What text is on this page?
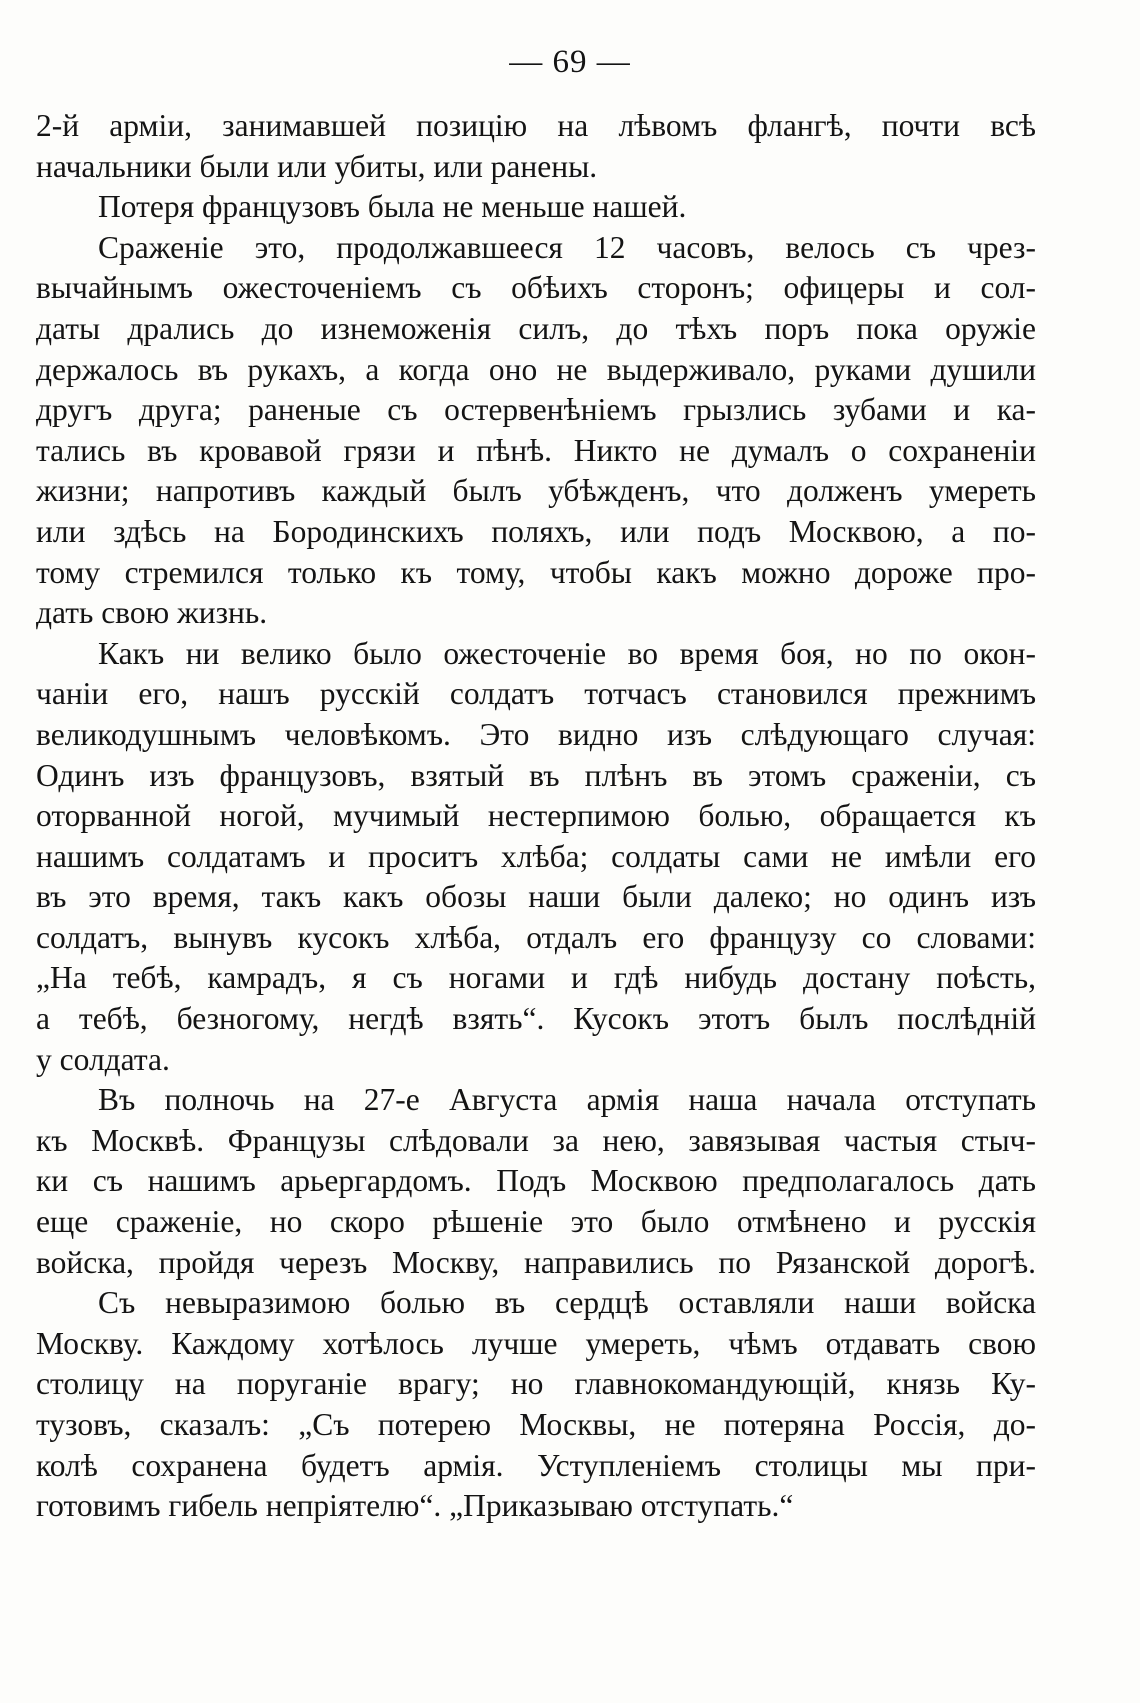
— 69 —
2-й арміи, занимавшей позицію на лѣвомъ флангѣ, почти всѣ
начальники были или убиты, или ранены.
Потеря французовъ была не меньше нашей.
Сраженіе это, продолжавшееся 12 часовъ, велось съ чрез-
вычайнымъ ожесточеніемъ съ обѣихъ сторонъ; офицеры и сол-
даты дрались до изнеможенія силъ, до тѣхъ поръ пока оружіе
держалось въ рукахъ, а когда оно не выдерживало, руками душили
другъ друга; раненые съ остервенѣніемъ грызлись зубами и ка-
тались въ кровавой грязи и пѣнѣ. Никто не думалъ о сохраненіи
жизни; напротивъ каждый былъ убѣжденъ, что долженъ умереть
или здѣсь на Бородинскихъ поляхъ, или подъ Москвою, а по-
тому стремился только къ тому, чтобы какъ можно дороже про-
дать свою жизнь.
Какъ ни велико было ожесточеніе во время боя, но по окон-
чаніи его, нашъ русскій солдатъ тотчасъ становился прежнимъ
великодушнымъ человѣкомъ. Это видно изъ слѣдующаго случая:
Одинъ изъ французовъ, взятый въ плѣнъ въ этомъ сраженіи, съ
оторванной ногой, мучимый нестерпимою болью, обращается къ
нашимъ солдатамъ и проситъ хлѣба; солдаты сами не имѣли его
въ это время, такъ какъ обозы наши были далеко; но одинъ изъ
солдатъ, вынувъ кусокъ хлѣба, отдалъ его французу со словами:
„На тебѣ, камрадъ, я съ ногами и гдѣ нибудь достану поѣсть,
а тебѣ, безногому, негдѣ взять“. Кусокъ этотъ былъ послѣдній
у солдата.
Въ полночь на 27-е Августа армія наша начала отступать
къ Москвѣ. Французы слѣдовали за нею, завязывая частыя стыч-
ки съ нашимъ арьергардомъ. Подъ Москвою предполагалось дать
еще сраженіе, но скоро рѣшеніе это было отмѣнено и русскія
войска, пройдя черезъ Москву, направились по Рязанской дорогѣ.
Съ невыразимою болью въ сердцѣ оставляли наши войска
Москву. Каждому хотѣлось лучше умереть, чѣмъ отдавать свою
столицу на поруганіе врагу; но главнокомандующій, князь Ку-
тузовъ, сказалъ: „Съ потерею Москвы, не потеряна Россія, до-
колѣ сохранена будетъ армія. Уступленіемъ столицы мы при-
готовимъ гибель непріятелю“. „Приказываю отступать.“
